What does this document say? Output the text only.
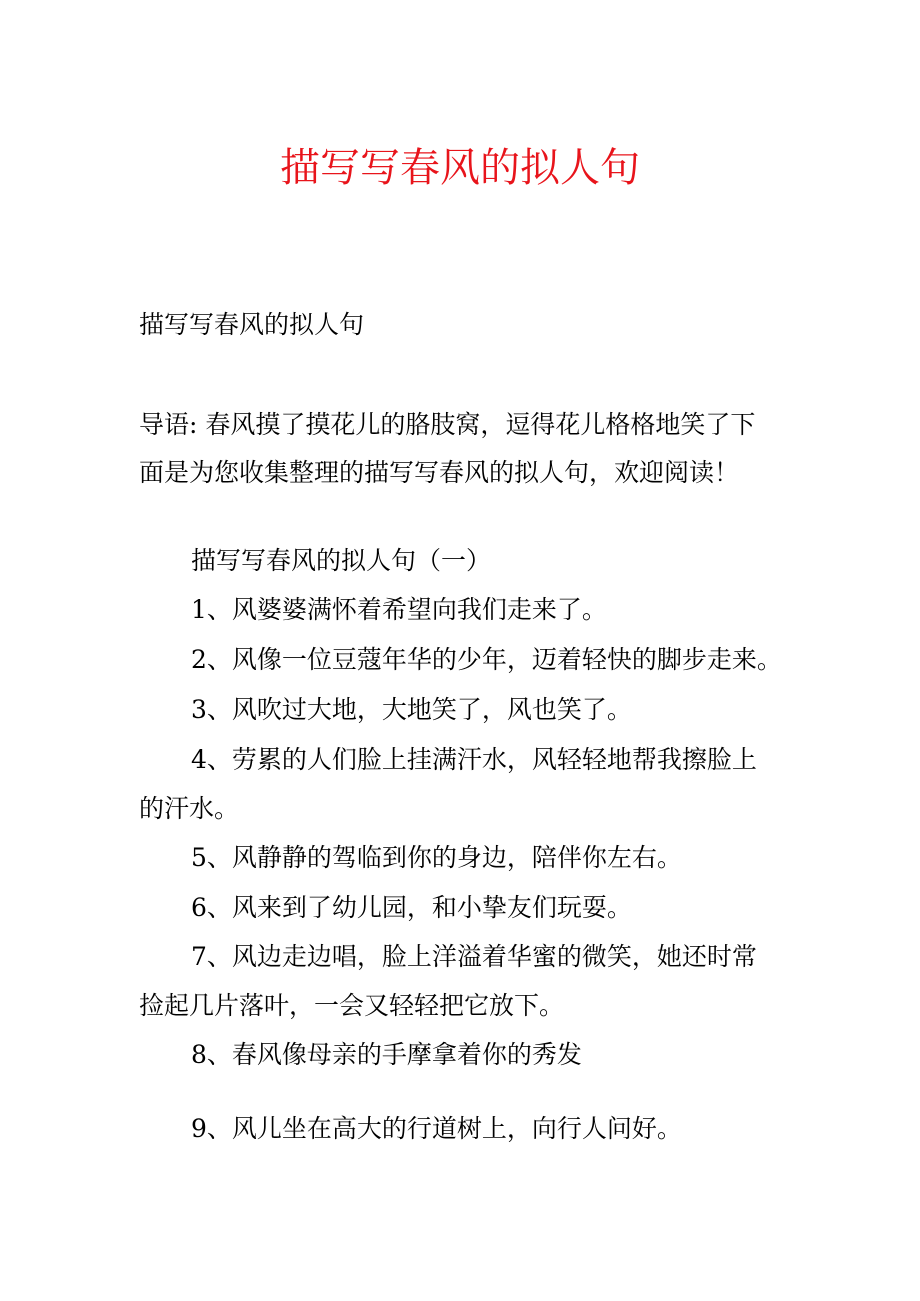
描写写春风的拟人句

描写写春风的拟人句

导语: 春风摸了摸花儿的胳肢窝，逗得花儿格格地笑了下

面是为您收集整理的描写写春风的拟人句，欢迎阅读！

描写写春风的拟人句（一）

1、风婆婆满怀着希望向我们走来了。

2、风像一位豆蔻年华的少年，迈着轻快的脚步走来。

3、风吹过大地，大地笑了，风也笑了。

4、劳累的人们脸上挂满汗水，风轻轻地帮我擦脸上

的汗水。

5、风静静的驾临到你的身边，陪伴你左右。

6、风来到了幼儿园，和小挚友们玩耍。

7、风边走边唱，脸上洋溢着华蜜的微笑，她还时常

捡起几片落叶，一会又轻轻把它放下。

8、春风像母亲的手摩拿着你的秀发

9、风儿坐在高大的行道树上，向行人问好。
